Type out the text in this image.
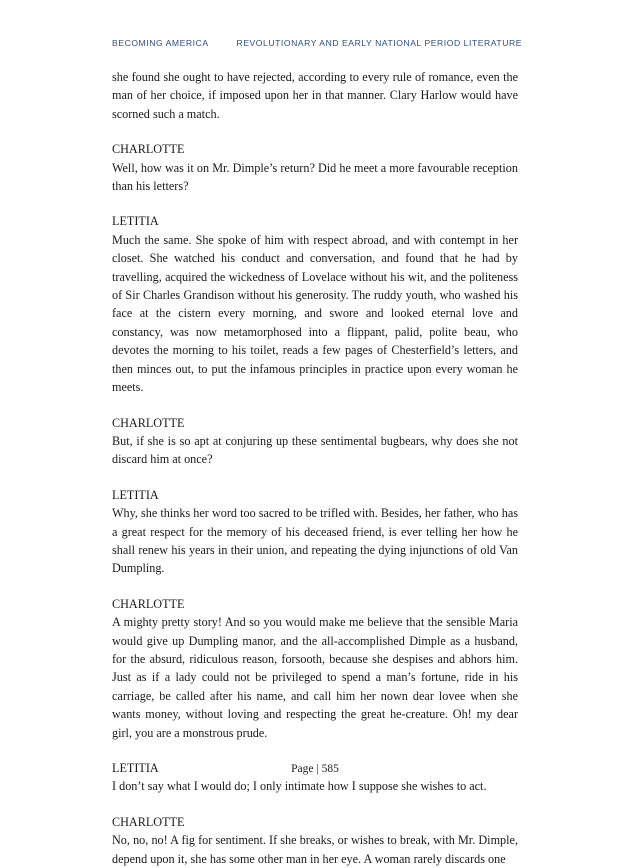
BECOMING AMERICA	REVOLUTIONARY AND EARLY NATIONAL PERIOD LITERATURE

she found she ought to have rejected, according to every rule of romance, even the man of her choice, if imposed upon her in that manner. Clary Harlow would have scorned such a match.

CHARLOTTE

Well, how was it on Mr. Dimple’s return? Did he meet a more favourable reception than his letters?

LETITIA

Much the same. She spoke of him with respect abroad, and with contempt in her closet. She watched his conduct and conversation, and found that he had by travelling, acquired the wickedness of Lovelace without his wit, and the politeness of Sir Charles Grandison without his generosity. The ruddy youth, who washed his face at the cistern every morning, and swore and looked eternal love and constancy, was now metamorphosed into a flippant, palid, polite beau, who devotes the morning to his toilet, reads a few pages of Chesterfield’s letters, and then minces out, to put the infamous principles in practice upon every woman he meets.

CHARLOTTE

But, if she is so apt at conjuring up these sentimental bugbears, why does she not discard him at once?

LETITIA

Why, she thinks her word too sacred to be trifled with. Besides, her father, who has a great respect for the memory of his deceased friend, is ever telling her how he shall renew his years in their union, and repeating the dying injunctions of old Van Dumpling.

CHARLOTTE

A mighty pretty story! And so you would make me believe that the sensible Maria would give up Dumpling manor, and the all-accomplished Dimple as a husband, for the absurd, ridiculous reason, forsooth, because she despises and abhors him. Just as if a lady could not be privileged to spend a man’s fortune, ride in his carriage, be called after his name, and call him her nown dear lovee when she wants money, without loving and respecting the great he-creature. Oh! my dear girl, you are a monstrous prude.

LETITIA

I don’t say what I would do; I only intimate how I suppose she wishes to act.

CHARLOTTE

No, no, no! A fig for sentiment. If she breaks, or wishes to break, with Mr. Dimple, depend upon it, she has some other man in her eye. A woman rarely discards one

Page | 585
